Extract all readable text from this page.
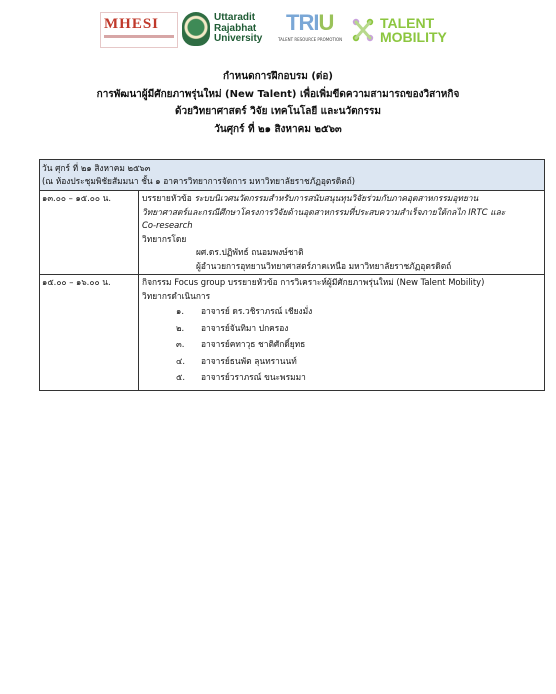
MHESI	Uttaradit
Rajabhat
University
TRIU
TALENT RESOURCE PROMOTION
TALENT
MOBILITY
กำหนดการฝึกอบรม (ต่อ)
การพัฒนาผู้มีศักยภาพรุ่นใหม่ (New Talent) เพื่อเพิ่มขีดความสามารถของวิสาหกิจ
ด้วยวิทยาศาสตร์ วิจัย เทคโนโลยี และนวัตกรรม
วันศุกร์ ที่ ๒๑ สิงหาคม ๒๕๖๓
วัน ศุกร์ ที่ ๒๑ สิงหาคม ๒๕๖๓
(ณ ห้องประชุมพิชัยสัมมนา ชั้น ๑ อาคารวิทยาการจัดการ มหาวิทยาลัยราชภัฏอุตรดิตถ์)
๑๓.๐๐ – ๑๕.๐๐ น.	บรรยายหัวข้อ ระบบนิเวศนวัตกรรมสำหรับการสนับสนุนทุนวิจัยร่วมกับภาคอุตสาหกรรมอุทยาน
วิทยาศาสตร์และกรณีศึกษาโครงการวิจัยด้านอุตสาหกรรมที่ประสบความสำเร็จภายใต้กลไก IRTC และ
Co-research
วิทยากรโดย
ผศ.ดร.ปฏิพัทธ์ ถนอมพงษ์ชาติ
ผู้อำนวยการอุทยานวิทยาศาสตร์ภาคเหนือ มหาวิทยาลัยราชภัฏอุตรดิตถ์
๑๕.๐๐ – ๑๖.๐๐ น.	กิจกรรม Focus group บรรยายหัวข้อ การวิเคราะห์ผู้มีศักยภาพรุ่นใหม่ (New Talent Mobility)
วิทยากรดำเนินการ
๑.	อาจารย์ ดร.วชิราภรณ์ เชียงมั่ง
๒.	อาจารย์จันทิมา ปกครอง
๓.	อาจารย์คทาวุธ ชาติศักดิ์ยุทธ
๔.	อาจารย์ธนพัต ลุนทรานนท์
๕.	อาจารย์วราภรณ์ ขนะพรมมา
